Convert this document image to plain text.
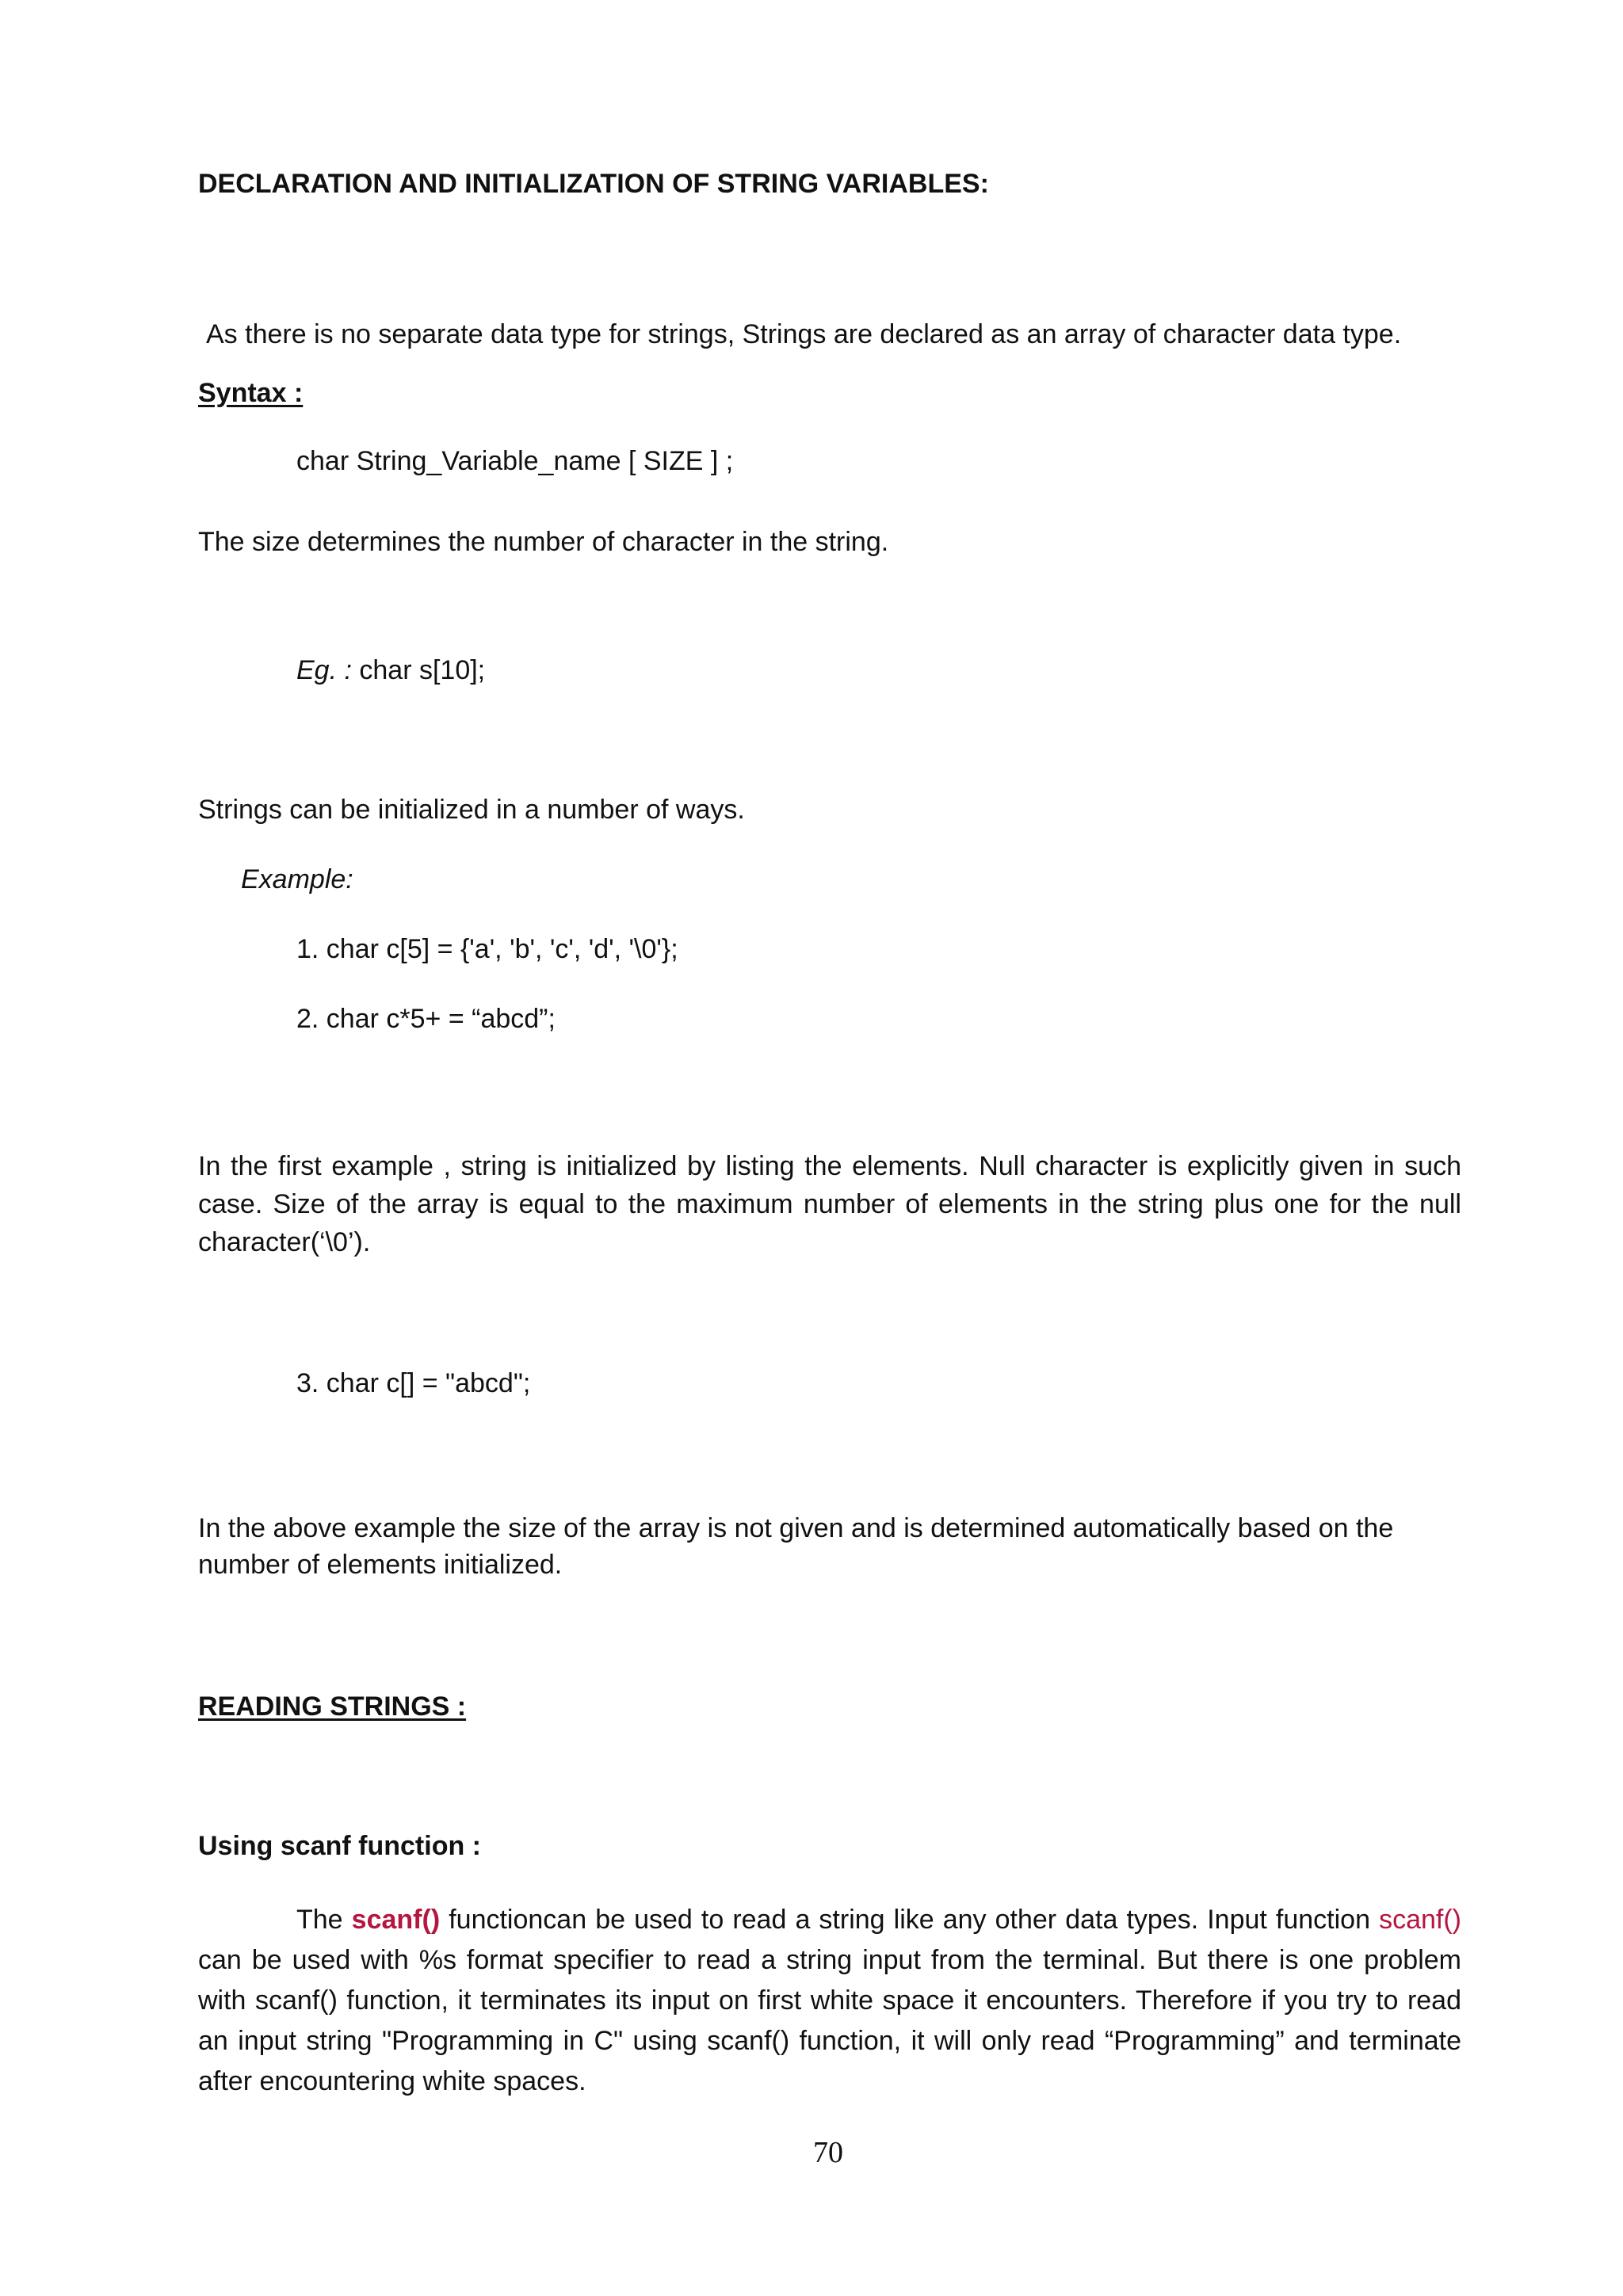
DECLARATION AND INITIALIZATION OF STRING VARIABLES:

As there is no separate data type for strings, Strings are declared as an array of character data type.

Syntax :

char String_Variable_name [ SIZE ] ;

The size determines the number of character in the string.

Eg. : char s[10];

Strings can be initialized in a number of ways.

Example:

1. char c[5] = {'a', 'b', 'c', 'd', '\0'};

2. char c*5+ = “abcd”;

In the first example , string is initialized by listing the elements. Null character is explicitly given in such case. Size of the array is equal to the maximum number of elements in the string plus one for the null character(‘\0’).

3. char c[] = "abcd";

In the above example the size of the array is not given and is determined automatically based on the number of elements initialized.

READING STRINGS :

Using scanf function :

The scanf() functioncan be used to read a string like any other data types. Input function scanf() can be used with %s format specifier to read a string input from the terminal. But there is one problem with scanf() function, it terminates its input on first white space it encounters. Therefore if you try to read an input string "Programming in C" using scanf() function, it will only read “Programming” and terminate after encountering white spaces.

70
